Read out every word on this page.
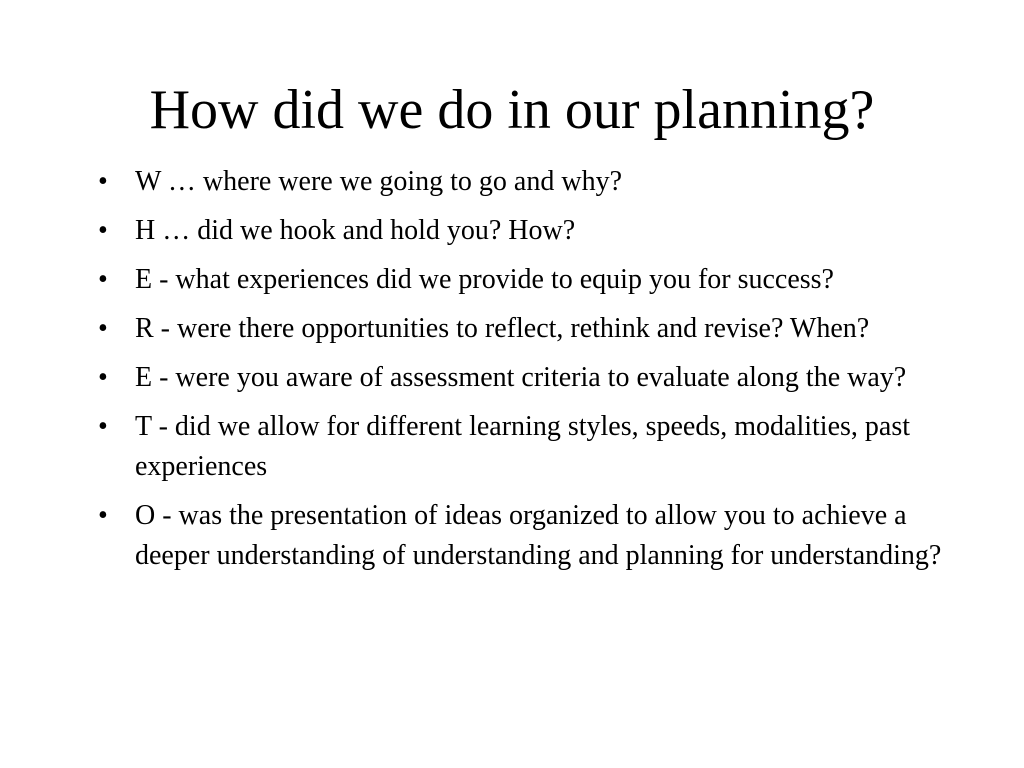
How did we do in our planning?
• W … where were we going to go and why?
• H … did we hook and hold you? How?
• E - what experiences did we provide to equip you for success?
• R - were there opportunities to reflect, rethink and revise? When?
• E - were you aware of assessment criteria to evaluate along the way?
• T - did we allow for different learning styles, speeds, modalities, past experiences
• O - was the presentation of ideas organized to allow you to achieve a deeper understanding of understanding and planning for understanding?
